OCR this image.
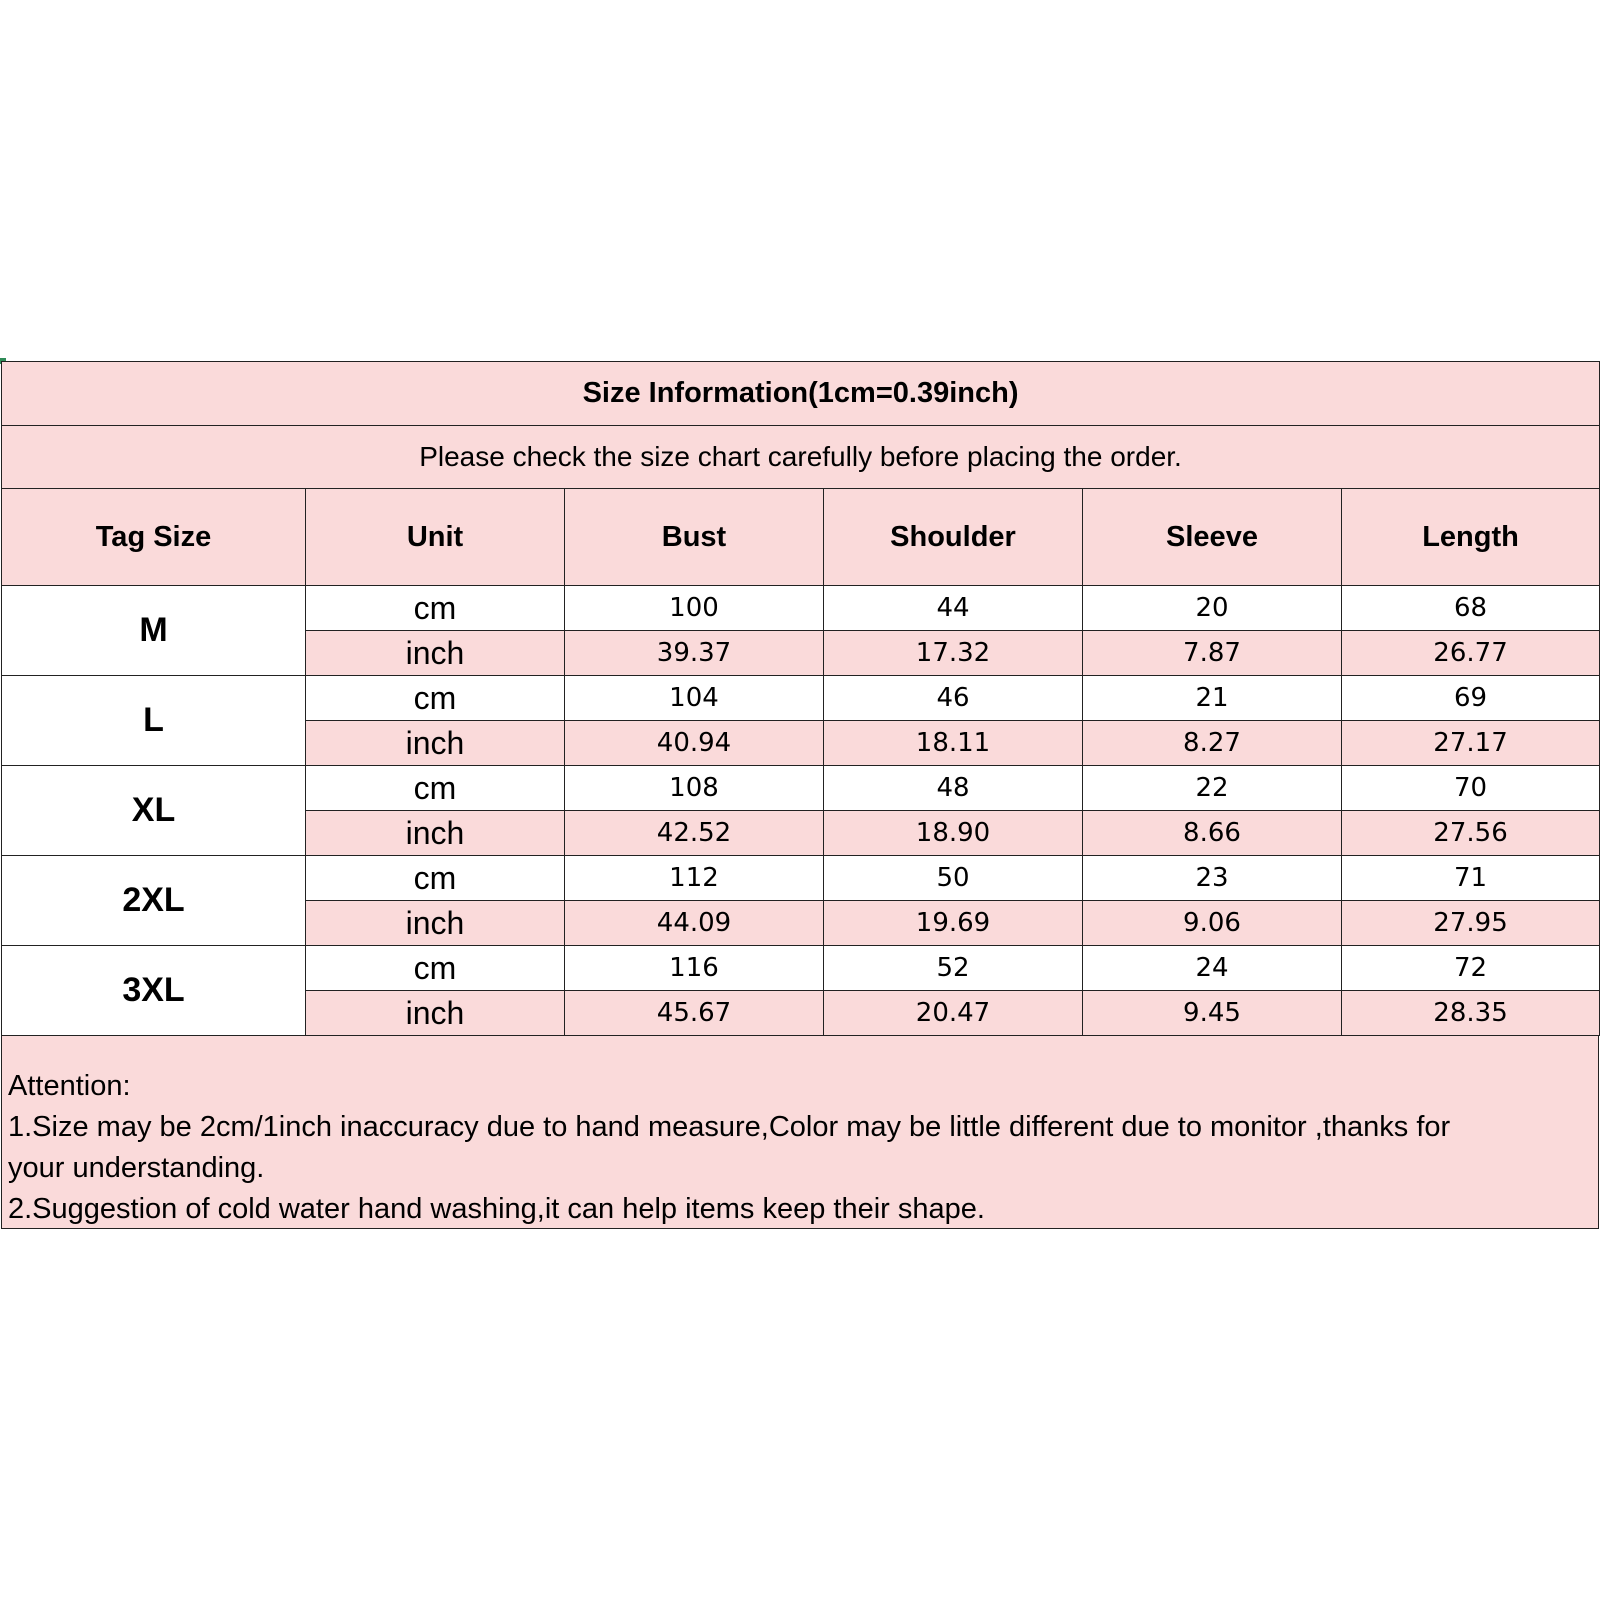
Size Information(1cm=0.39inch)					
Please check the size chart carefully before placing the order.					
Tag Size	Unit	Bust	Shoulder	Sleeve	Length
M	cm	100	44	20	68
	inch	39.37	17.32	7.87	26.77
L	cm	104	46	21	69
	inch	40.94	18.11	8.27	27.17
XL	cm	108	48	22	70
	inch	42.52	18.90	8.66	27.56
2XL	cm	112	50	23	71
	inch	44.09	19.69	9.06	27.95
3XL	cm	116	52	24	72
	inch	45.67	20.47	9.45	28.35
Attention:
1.Size may be 2cm/1inch inaccuracy due to hand measure,Color may be little different due to monitor ,thanks for
your understanding.
2.Suggestion of cold water hand washing,it can help items keep their shape.
